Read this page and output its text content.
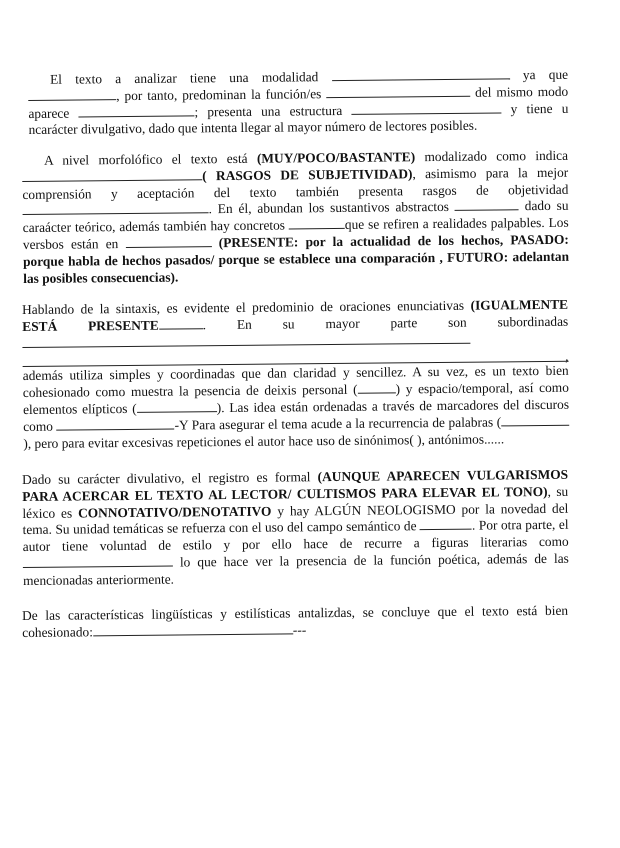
El texto a analizar tiene una modalidad	ya que , por tanto, predominan la función/es	del mismo modo aparece	; presenta una estructura	y tiene u ncarácter divulgativo, dado que intenta llegar al mayor número de lectores posibles.

A nivel morfolófico el texto está (MUY/POCO/BASTANTE) modalizado como indica ( RASGOS DE SUBJETIVIDAD), asimismo para la mejor comprensión y aceptación del texto también presenta rasgos de objetividad . En él, abundan los sustantivos abstractos	dado su caraácter teórico, además también hay concretos	que se refiren a realidades palpables. Los versbos están en	(PRESENTE: por la actualidad de los hechos, PASADO: porque habla de hechos pasados/ porque se establece una comparación , FUTURO: adelantan las posibles consecuencias).

Hablando de la sintaxis, es evidente el predominio de oraciones enunciativas (IGUALMENTE ESTÁ PRESENTE	. En su mayor parte son subordinadas

,

además utiliza simples y coordinadas que dan claridad y sencillez. A su vez, es un texto bien cohesionado como muestra la pesencia de deixis personal (	) y espacio/temporal, así como elementos elípticos (	). Las idea están ordenadas a través de marcadores del discuros como	-Y Para asegurar el tema acude a la recurrencia de palabras (), pero para evitar excesivas repeticiones el autor hace uso de sinónimos( ), antónimos......

Dado su carácter divulativo, el registro es formal (AUNQUE APARECEN VULGARISMOS PARA ACERCAR EL TEXTO AL LECTOR/ CULTISMOS PARA ELEVAR EL TONO), su léxico es CONNOTATIVO/DENOTATIVO y hay ALGÚN NEOLOGISMO por la novedad del tema. Su unidad temáticas se refuerza con el uso del campo semántico de	. Por otra parte, el autor tiene voluntad de estilo y por ello hace de recurre a figuras literarias como lo que hace ver la presencia de la función poética, además de las mencionadas anteriormente.

De las características lingüísticas y estilísticas antalizdas, se concluye que el texto está bien cohesionado:	---
